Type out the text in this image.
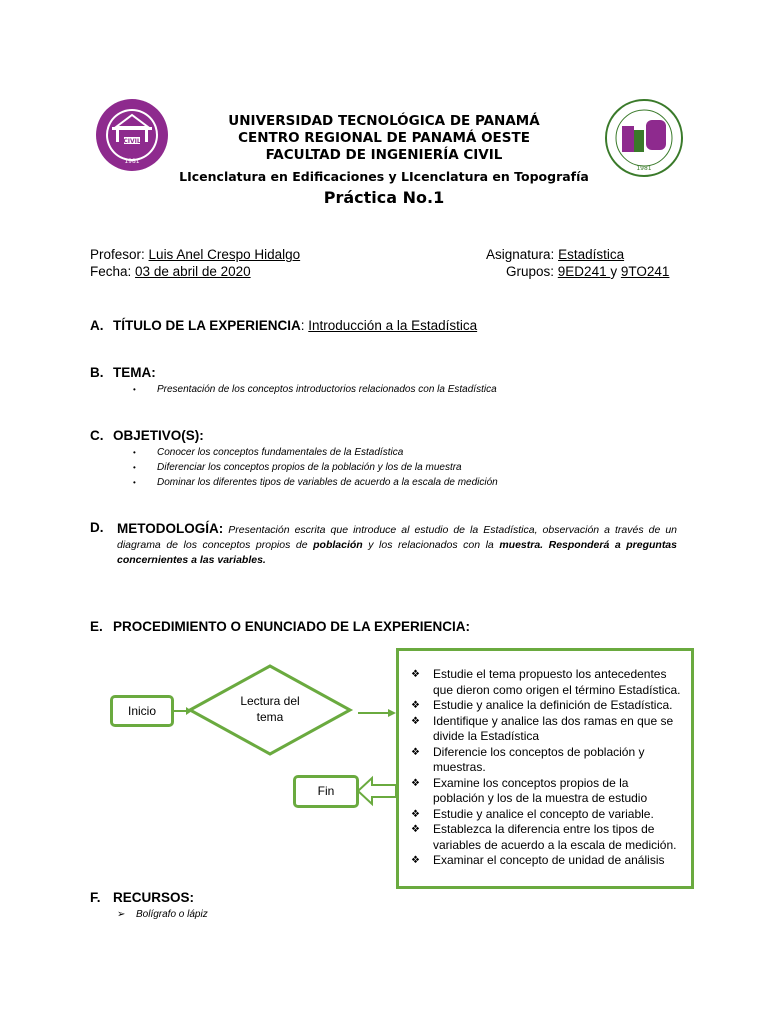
CIVIL
1981
1981
UNIVERSIDAD TECNOLÓGICA DE PANAMÁ
CENTRO REGIONAL DE PANAMÁ OESTE
FACULTAD DE INGENIERÍA CIVIL
LIcenclatura en Edificaciones y LIcenclatura en Topografía
Práctica No.1
Profesor: Luis Anel Crespo Hidalgo
Fecha: 03 de abril de 2020
Asignatura: Estadística
Grupos: 9ED241 y 9TO241
A. TÍTULO DE LA EXPERIENCIA: Introducción a la Estadística
B. TEMA:
• Presentación de los conceptos introductorios relacionados con la Estadística
C. OBJETIVO(S):
• Conocer los conceptos fundamentales de la Estadística
• Diferenciar los conceptos propios de la población y los de la muestra
• Dominar los diferentes tipos de variables de acuerdo a la escala de medición
D.	METODOLOGÍA: Presentación escrita que introduce al estudio de la Estadística, observación a través de un diagrama de los conceptos propios de población y los relacionados con la muestra. Responderá a preguntas concernientes a las variables.
E. PROCEDIMIENTO O ENUNCIADO DE LA EXPERIENCIA:
Inicio
Lectura del
tema
Fin
❖ Estudie el tema propuesto los antecedentes que dieron como origen el término Estadística.
❖ Estudie y analice la definición de Estadística.
❖ Identifique y analice las dos ramas en que se divide la Estadística
❖ Diferencie los conceptos de población y muestras.
❖ Examine los conceptos propios de la población y los de la muestra de estudio
❖ Estudie y analice el concepto de variable.
❖ Establezca la diferencia entre los tipos de variables de acuerdo a la escala de medición.
❖ Examinar el concepto de unidad de análisis
F. RECURSOS:
➢ Bolígrafo o lápiz
